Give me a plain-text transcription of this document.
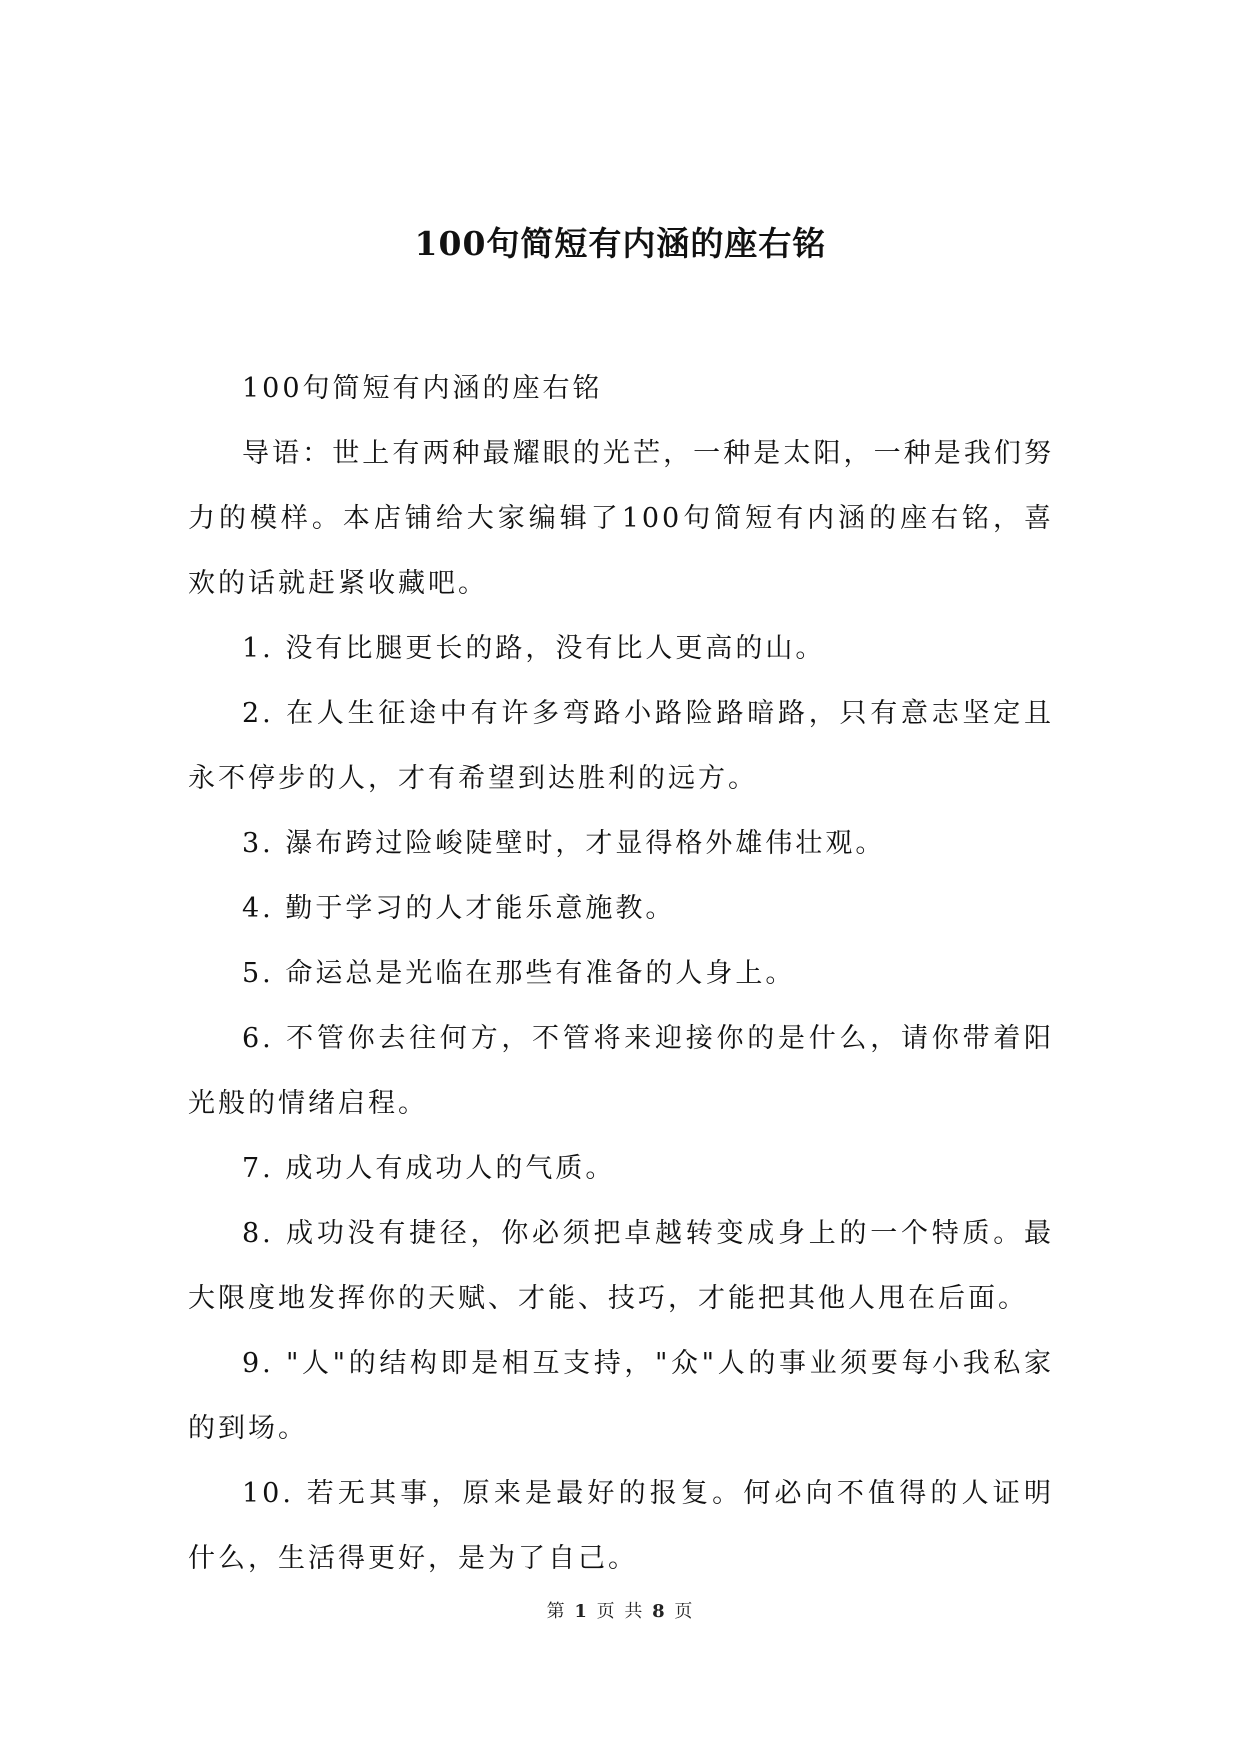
100句简短有内涵的座右铭

100句简短有内涵的座右铭

导语：世上有两种最耀眼的光芒，一种是太阳，一种是我们努力的模样。本店铺给大家编辑了100句简短有内涵的座右铭，喜欢的话就赶紧收藏吧。

1. 没有比腿更长的路，没有比人更高的山。

2. 在人生征途中有许多弯路小路险路暗路，只有意志坚定且永不停步的人，才有希望到达胜利的远方。

3. 瀑布跨过险峻陡壁时，才显得格外雄伟壮观。

4. 勤于学习的人才能乐意施教。

5. 命运总是光临在那些有准备的人身上。

6. 不管你去往何方，不管将来迎接你的是什么，请你带着阳光般的情绪启程。

7. 成功人有成功人的气质。

8. 成功没有捷径，你必须把卓越转变成身上的一个特质。最大限度地发挥你的天赋、才能、技巧，才能把其他人甩在后面。

9. "人"的结构即是相互支持，"众"人的事业须要每小我私家的到场。

10. 若无其事，原来是最好的报复。何必向不值得的人证明什么，生活得更好，是为了自己。

第 1 页 共 8 页
